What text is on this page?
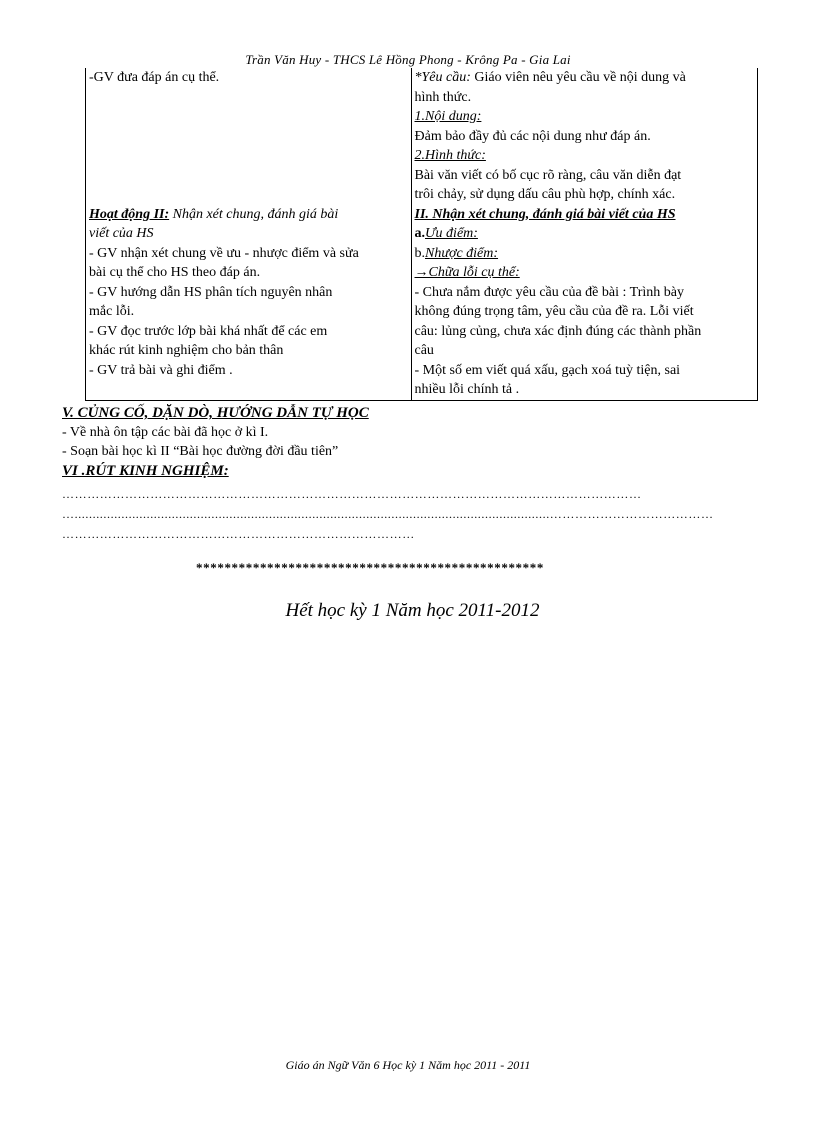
Trần Văn Huy - THCS Lê Hồng Phong - Krông Pa - Gia Lai
-GV đưa đáp án cụ thể.
Hoạt động II: Nhận xét chung, đánh giá bài
viết của HS
- GV nhận xét chung về ưu - nhược điểm và sửa
bài cụ thể cho HS theo đáp án.
- GV hướng dẫn HS phân tích nguyên nhân
mắc lỗi.
- GV đọc trước lớp bài khá nhất để các em
khác rút kinh nghiệm cho bản thân
- GV trả bài và ghi điểm .

*Yêu cầu: Giáo viên nêu yêu cầu về nội dung và
hình thức.
1.Nội dung:
Đảm bảo đầy đủ các nội dung như đáp án.
2.Hình thức:
Bài văn viết có bố cục rõ ràng, câu văn diễn đạt
trôi chảy, sử dụng dấu câu phù hợp, chính xác.
II. Nhận xét chung, đánh giá bài viết của HS
a.Ưu điểm:
b.Nhược điểm:
→Chữa lỗi cụ thể:
- Chưa nắm được yêu cầu của đề bài : Trình bày
không đúng trọng tâm, yêu cầu của đề ra. Lỗi viết
câu: lủng củng, chưa xác định đúng các thành phần
câu
- Một số em viết quá xấu, gạch xoá tuỳ tiện, sai
nhiều lỗi chính tả .
V. CỦNG CỐ, DẶN DÒ, HƯỚNG DẪN TỰ HỌC
- Về nhà ôn tập các bài đã học ở kì I.
- Soạn bài học kì II “Bài học đường đời đầu tiên”
VI .RÚT KINH NGHIỆM:
…………………………………………………………………………………………………………………………
…....................................................................................................................................…………………………………
…………………………………………………………………………
*************************************************
Hết học kỳ 1 Năm học 2011-2012
Giáo án Ngữ Văn 6 Học kỳ 1 Năm học 2011 - 2011
